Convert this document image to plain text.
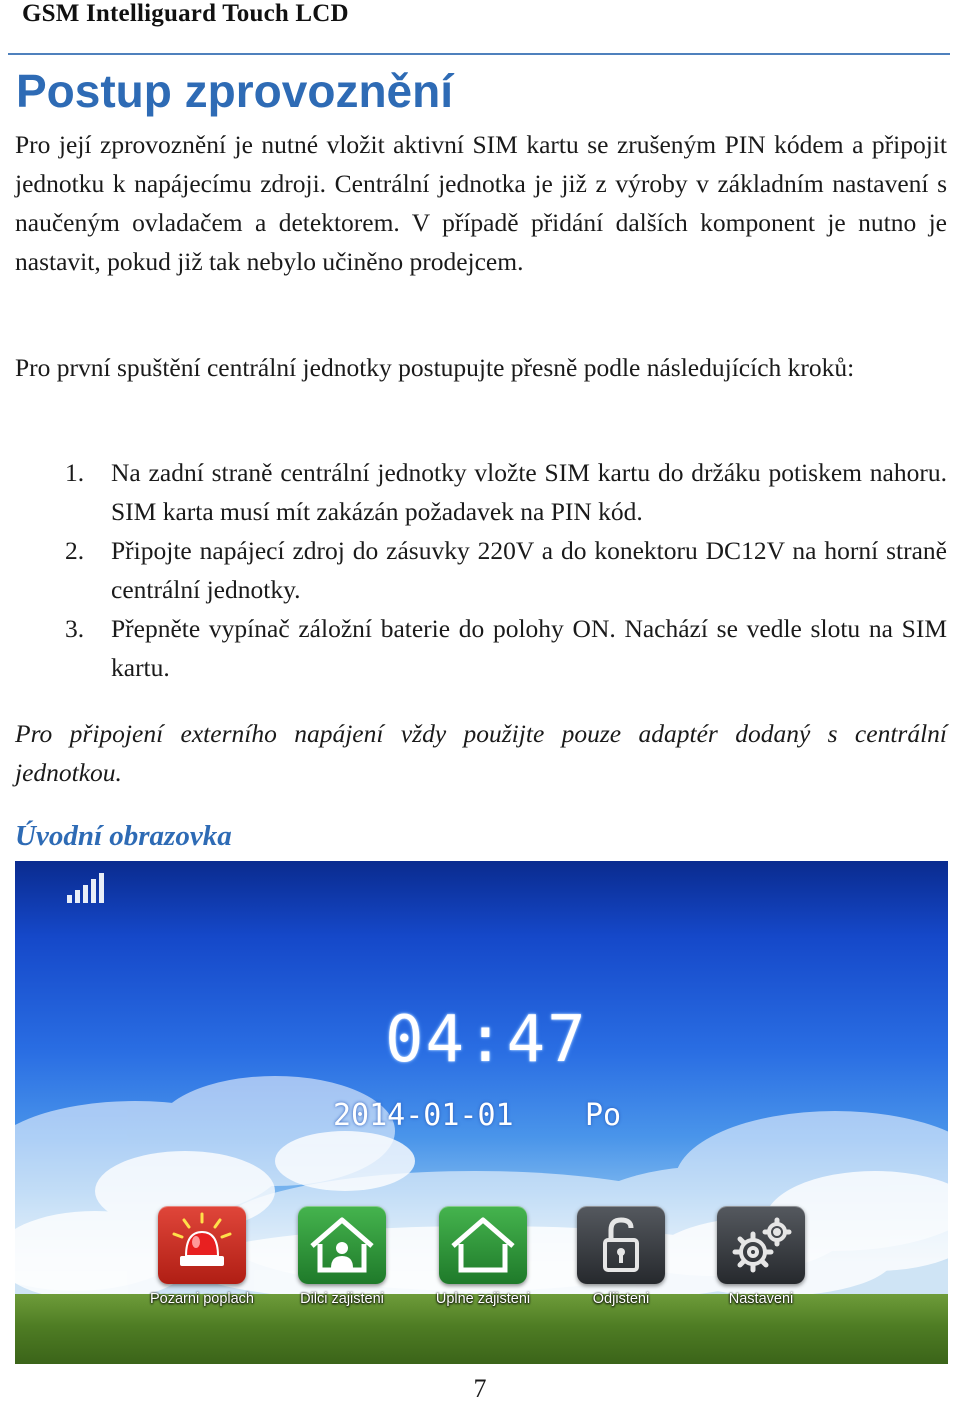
GSM Intelliguard Touch LCD
Postup zprovoznění

Pro její zprovoznění je nutné vložit aktivní SIM kartu se zrušeným PIN kódem a připojit jednotku k napájecímu zdroji. Centrální jednotka je již z výroby v základním nastavení s naučeným ovladačem a detektorem. V případě přidání dalších komponent je nutno je nastavit, pokud již tak nebylo učiněno prodejcem.

Pro první spuštění centrální jednotky postupujte přesně podle následujících kroků:

1. Na zadní straně centrální jednotky vložte SIM kartu do držáku potiskem nahoru. SIM karta musí mít zakázán požadavek na PIN kód.
2. Připojte napájecí zdroj do zásuvky 220V a do konektoru DC12V na horní straně centrální jednotky.
3. Přepněte vypínač záložní baterie do polohy ON. Nachází se vedle slotu na SIM kartu.

Pro připojení externího napájení vždy použijte pouze adaptér dodaný s centrální jednotkou.

Úvodní obrazovka
04:47
2014-01-01 Po
Pozarni poplach	Dilci zajisteni	Uplne zajisteni	Odjisteni	Nastaveni
7
